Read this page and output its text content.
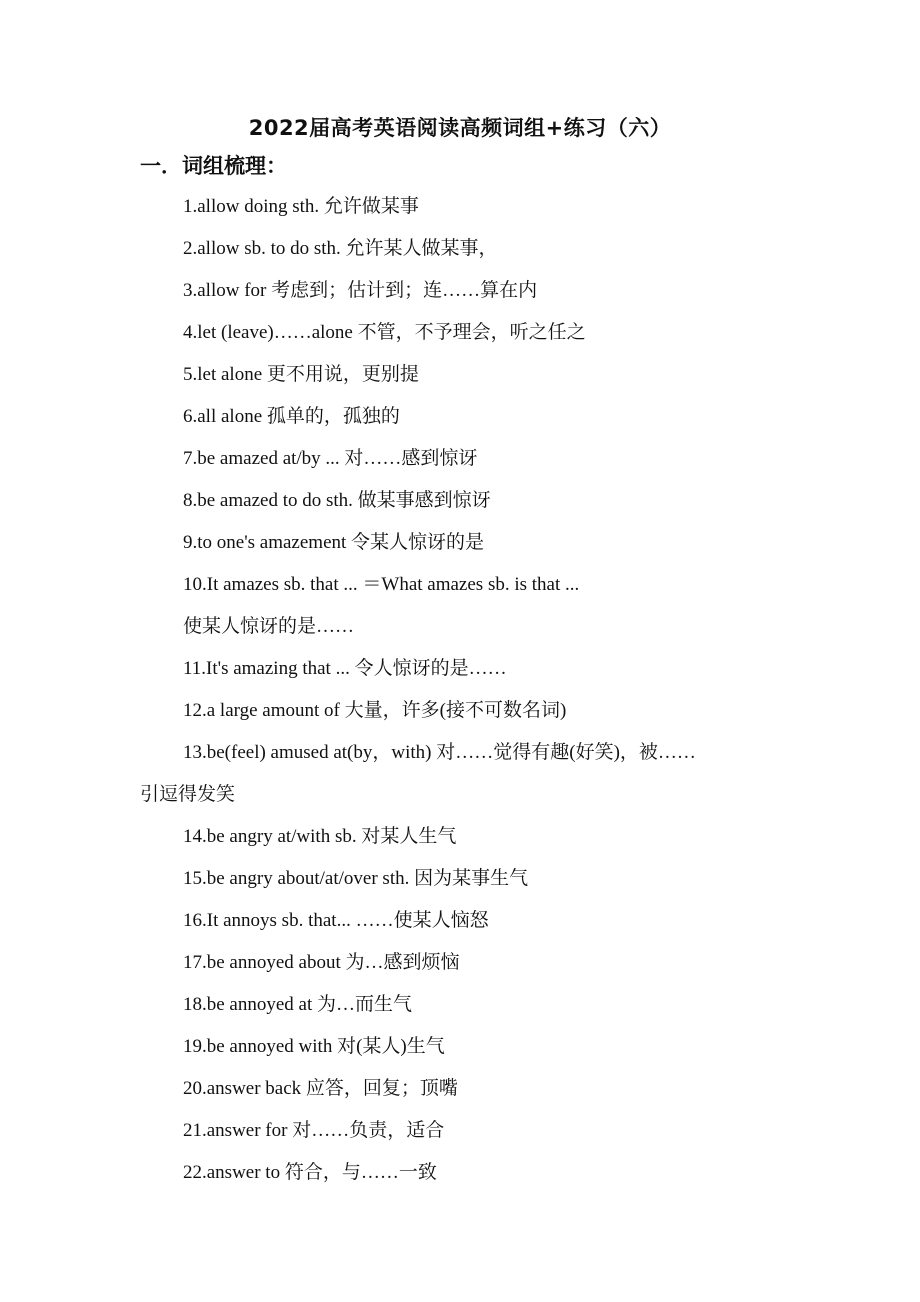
2022届高考英语阅读高频词组+练习（六）
一．词组梳理：
1.allow doing sth. 允许做某事
2.allow sb. to do sth. 允许某人做某事，
3.allow for 考虑到；估计到；连……算在内
4.let (leave)……alone 不管，不予理会，听之任之
5.let alone 更不用说，更别提
6.all alone 孤单的，孤独的
7.be amazed at/by ... 对……感到惊讶
8.be amazed to do sth. 做某事感到惊讶
9.to one's amazement 令某人惊讶的是
10.It amazes sb. that ... ＝What amazes sb. is that ...
使某人惊讶的是……
11.It's amazing that ... 令人惊讶的是……
12.a large amount of 大量，许多(接不可数名词)
13.be(feel) amused at(by，with) 对……觉得有趣(好笑)，被……
引逗得发笑
14.be angry at/with sb. 对某人生气
15.be angry about/at/over sth. 因为某事生气
16.It annoys sb. that... ……使某人恼怒
17.be annoyed about 为…感到烦恼
18.be annoyed at 为…而生气
19.be annoyed with 对(某人)生气
20.answer back 应答，回复；顶嘴
21.answer for 对……负责，适合
22.answer to 符合，与……一致
